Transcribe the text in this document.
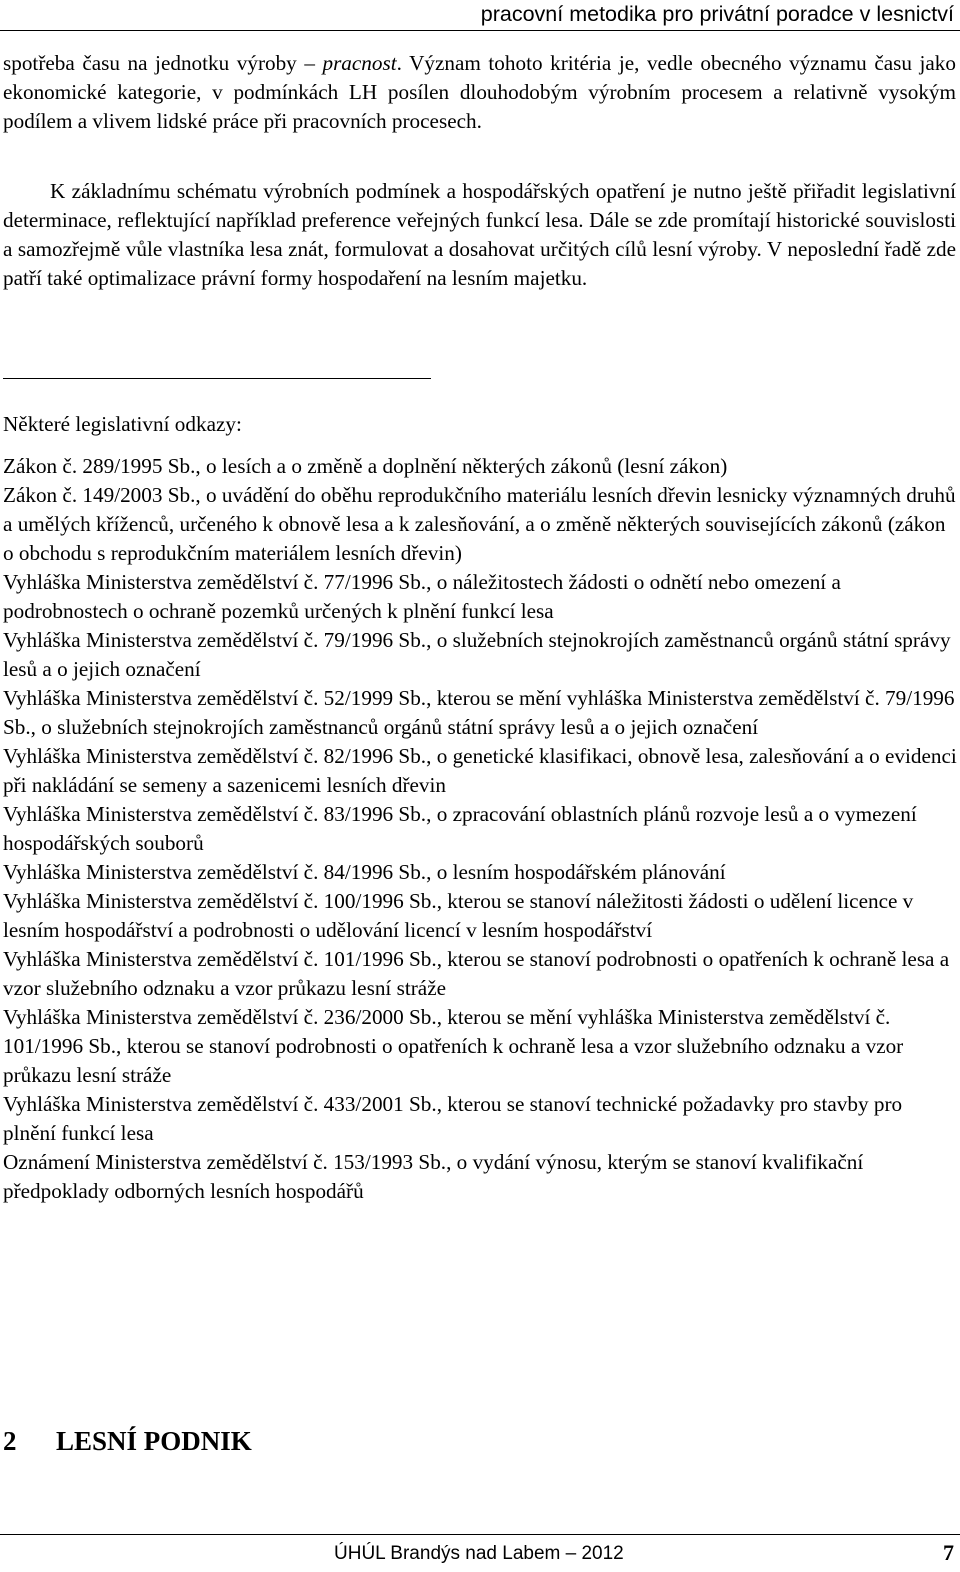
pracovní metodika pro privátní poradce v lesnictví
spotřeba času na jednotku výroby – pracnost. Význam tohoto kritéria je, vedle obecného významu času jako ekonomické kategorie, v podmínkách LH posílen dlouhodobým výrobním procesem a relativně vysokým podílem a vlivem lidské práce při pracovních procesech.
K základnímu schématu výrobních podmínek a hospodářských opatření je nutno ještě přiřadit legislativní determinace, reflektující například preference veřejných funkcí lesa. Dále se zde promítají historické souvislosti a samozřejmě vůle vlastníka lesa znát, formulovat a dosahovat určitých cílů lesní výroby. V neposlední řadě zde patří také optimalizace právní formy hospodaření na lesním majetku.
Některé legislativní odkazy:

Zákon č. 289/1995 Sb., o lesích a o změně a doplnění některých zákonů (lesní zákon)

Zákon č. 149/2003 Sb., o uvádění do oběhu reprodukčního materiálu lesních dřevin lesnicky významných druhů a umělých kříženců, určeného k obnově lesa a k zalesňování, a o změně některých souvisejících zákonů (zákon o obchodu s reprodukčním materiálem lesních dřevin)

Vyhláška Ministerstva zemědělství č. 77/1996 Sb., o náležitostech žádosti o odnětí nebo omezení a podrobnostech o ochraně pozemků určených k plnění funkcí lesa

Vyhláška Ministerstva zemědělství č. 79/1996 Sb., o služebních stejnokrojích zaměstnanců orgánů státní správy lesů a o jejich označení

Vyhláška Ministerstva zemědělství č. 52/1999 Sb., kterou se mění vyhláška Ministerstva zemědělství č. 79/1996 Sb., o služebních stejnokrojích zaměstnanců orgánů státní správy lesů a o jejich označení

Vyhláška Ministerstva zemědělství č. 82/1996 Sb., o genetické klasifikaci, obnově lesa, zalesňování a o evidenci při nakládání se semeny a sazenicemi lesních dřevin

Vyhláška Ministerstva zemědělství č. 83/1996 Sb., o zpracování oblastních plánů rozvoje lesů a o vymezení hospodářských souborů

Vyhláška Ministerstva zemědělství č. 84/1996 Sb., o lesním hospodářském plánování

Vyhláška Ministerstva zemědělství č. 100/1996 Sb., kterou se stanoví náležitosti žádosti o udělení licence v lesním hospodářství a podrobnosti o udělování licencí v lesním hospodářství

Vyhláška Ministerstva zemědělství č. 101/1996 Sb., kterou se stanoví podrobnosti o opatřeních k ochraně lesa a vzor služebního odznaku a vzor průkazu lesní stráže

Vyhláška Ministerstva zemědělství č. 236/2000 Sb., kterou se mění vyhláška Ministerstva zemědělství č. 101/1996 Sb., kterou se stanoví podrobnosti o opatřeních k ochraně lesa a vzor služebního odznaku a vzor průkazu lesní stráže

Vyhláška Ministerstva zemědělství č. 433/2001 Sb., kterou se stanoví technické požadavky pro stavby pro plnění funkcí lesa

Oznámení Ministerstva zemědělství č. 153/1993 Sb., o vydání výnosu, kterým se stanoví kvalifikační předpoklady odborných lesních hospodářů

2 LESNÍ PODNIK
ÚHÚL Brandýs nad Labem – 2012	7
